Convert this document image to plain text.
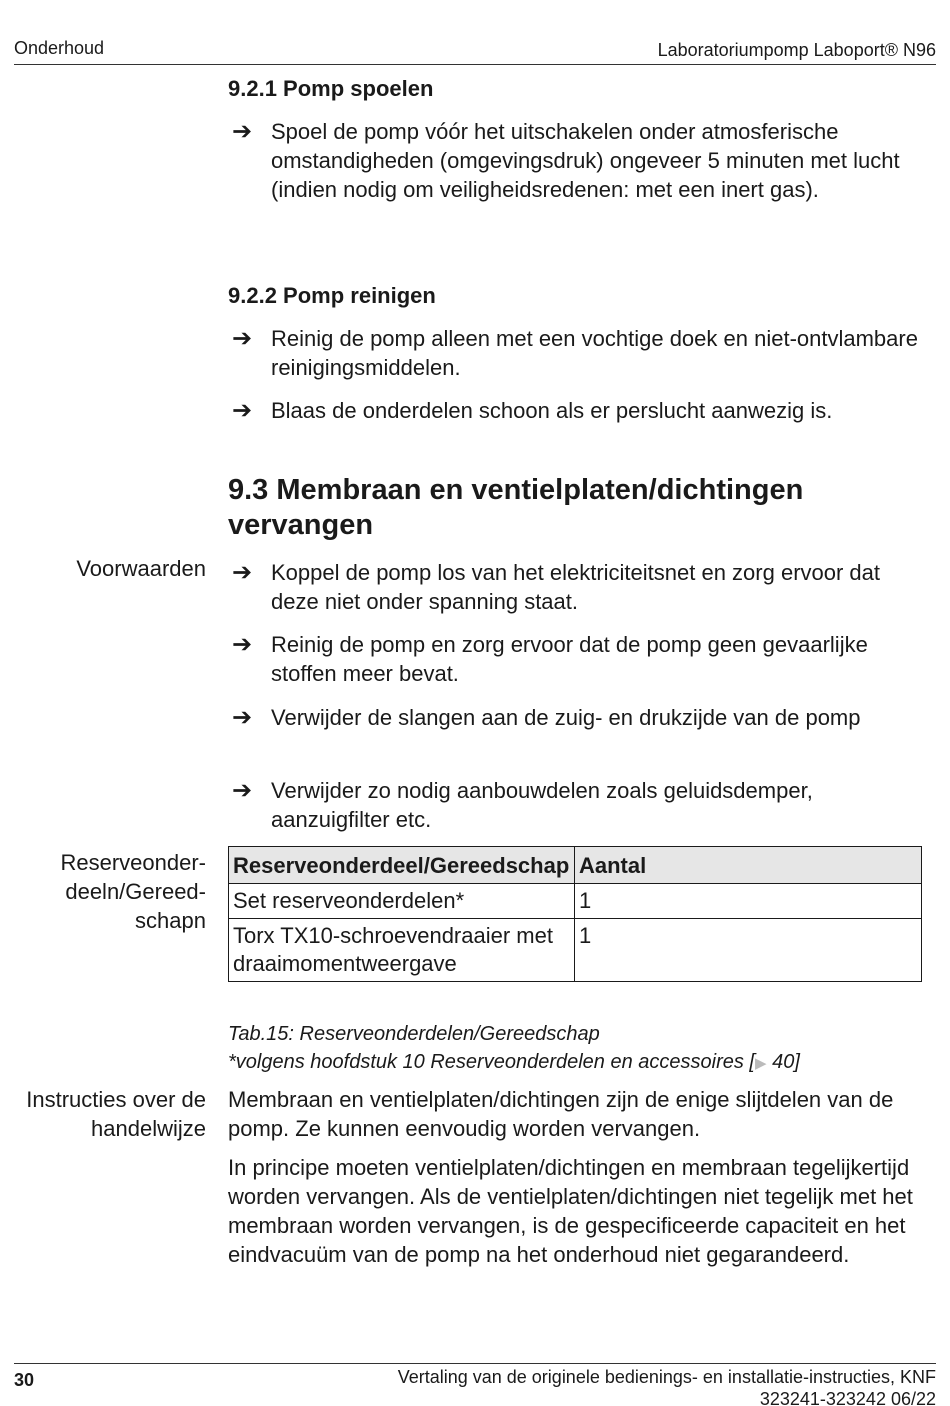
Onderhoud	Laboratoriumpomp Laboport® N96
9.2.1 Pomp spoelen
➔ Spoel de pomp vóór het uitschakelen onder atmosferische omstandigheden (omgevingsdruk) ongeveer 5 minuten met lucht (indien nodig om veiligheidsredenen: met een inert gas).
9.2.2 Pomp reinigen
➔ Reinig de pomp alleen met een vochtige doek en niet-ontvlambare reinigingsmiddelen.
➔ Blaas de onderdelen schoon als er perslucht aanwezig is.
9.3 Membraan en ventielplaten/dichtingen vervangen
Voorwaarden ➔ Koppel de pomp los van het elektriciteitsnet en zorg ervoor dat deze niet onder spanning staat.
➔ Reinig de pomp en zorg ervoor dat de pomp geen gevaarlijke stoffen meer bevat.
➔ Verwijder de slangen aan de zuig- en drukzijde van de pomp
➔ Verwijder zo nodig aanbouwdelen zoals geluidsdemper, aanzuigfilter etc.
Reserveonderdeeln/Gereedschapn
Reserveonderdeel/Gereedschap	Aantal
Set reserveonderdelen*	1
Torx TX10-schroevendraaier met draaimomentweergave	1
Tab.15: Reserveonderdelen/Gereedschap
*volgens hoofdstuk 10 Reserveonderdelen en accessoires [▶ 40]
Instructies over de handelwijze
Membraan en ventielplaten/dichtingen zijn de enige slijtdelen van de pomp. Ze kunnen eenvoudig worden vervangen.
In principe moeten ventielplaten/dichtingen en membraan tegelijkertijd worden vervangen. Als de ventielplaten/dichtingen niet tegelijk met het membraan worden vervangen, is de gespecificeerde capaciteit en het eindvacuüm van de pomp na het onderhoud niet gegarandeerd.
30	Vertaling van de originele bedienings- en installatie-instructies, KNF
323241-323242 06/22
